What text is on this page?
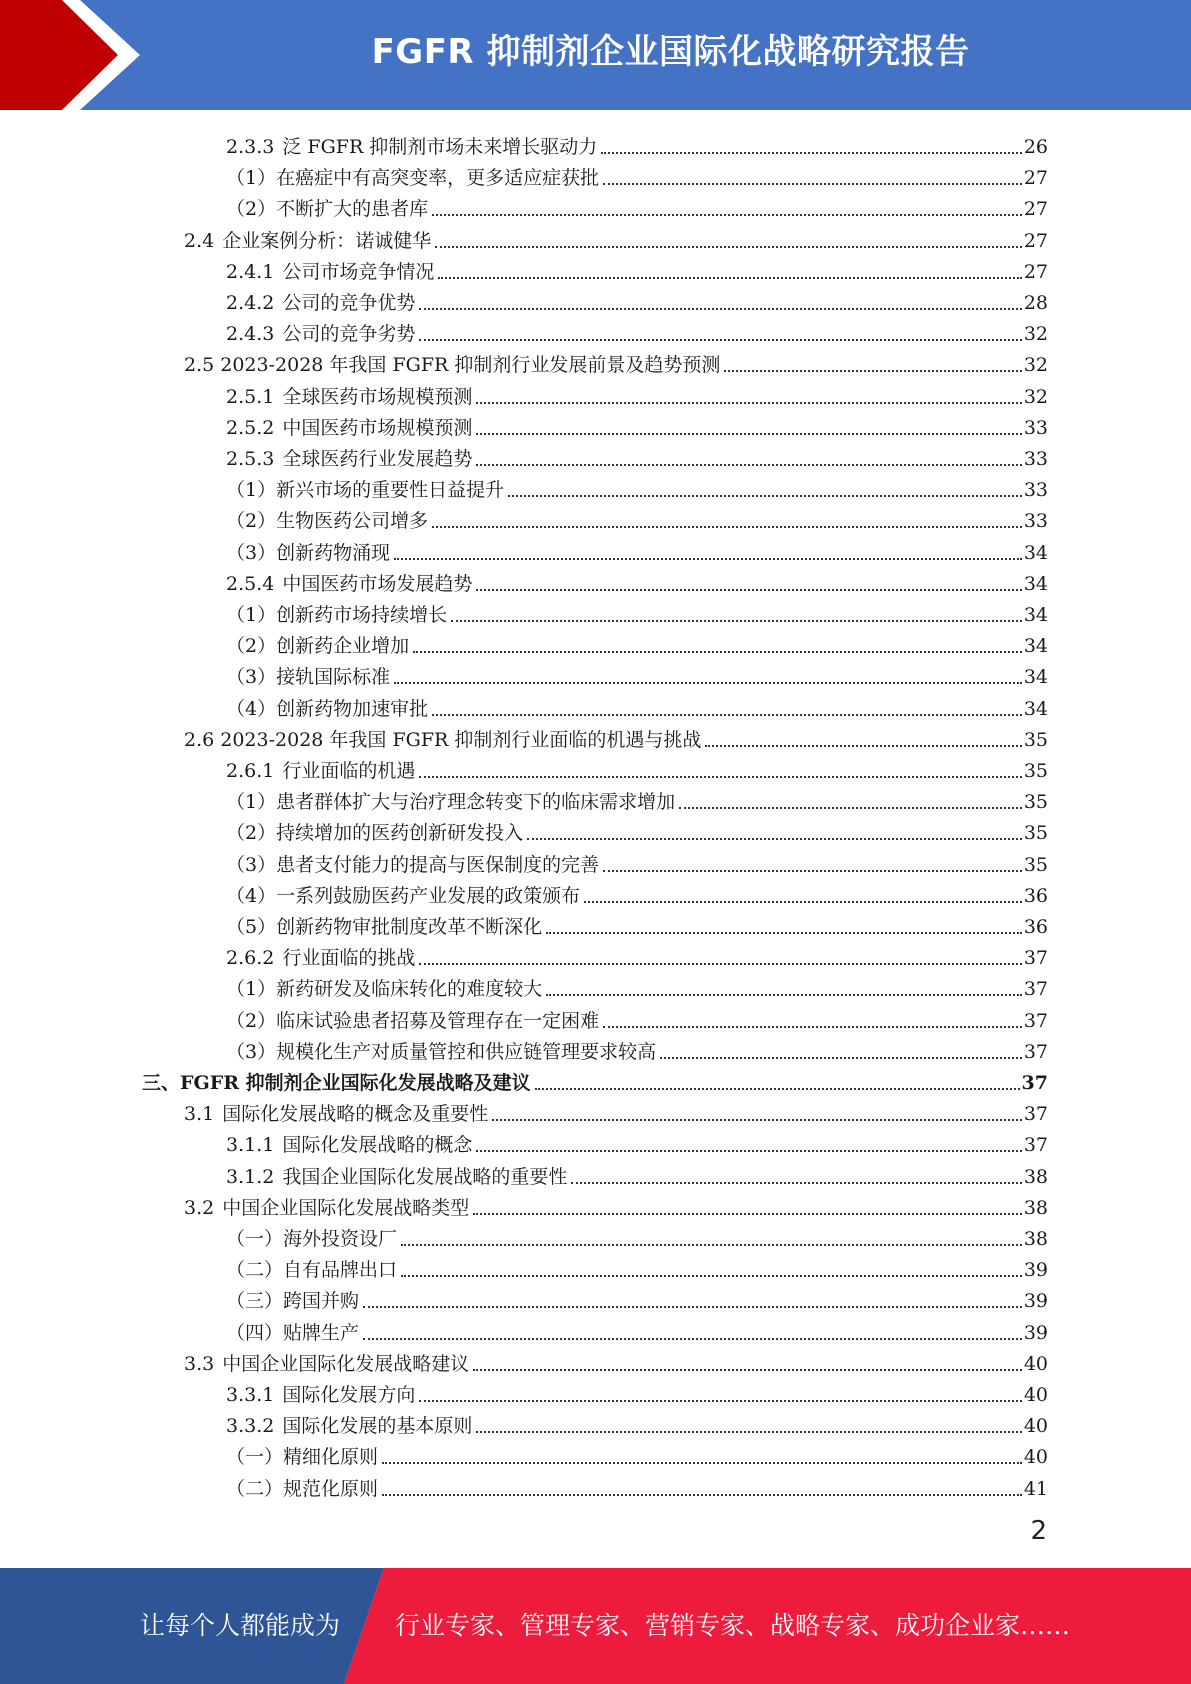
FGFR 抑制剂企业国际化战略研究报告
2.3.3 泛 FGFR 抑制剂市场未来增长驱动力	26
（1）在癌症中有高突变率，更多适应症获批	27
（2）不断扩大的患者库	27
2.4 企业案例分析：诺诚健华	27
2.4.1 公司市场竞争情况	27
2.4.2 公司的竞争优势	28
2.4.3 公司的竞争劣势	32
2.5 2023-2028 年我国 FGFR 抑制剂行业发展前景及趋势预测	32
2.5.1 全球医药市场规模预测	32
2.5.2 中国医药市场规模预测	33
2.5.3 全球医药行业发展趋势	33
（1）新兴市场的重要性日益提升	33
（2）生物医药公司增多	33
（3）创新药物涌现	34
2.5.4 中国医药市场发展趋势	34
（1）创新药市场持续增长	34
（2）创新药企业增加	34
（3）接轨国际标准	34
（4）创新药物加速审批	34
2.6 2023-2028 年我国 FGFR 抑制剂行业面临的机遇与挑战	35
2.6.1 行业面临的机遇	35
（1）患者群体扩大与治疗理念转变下的临床需求增加	35
（2）持续增加的医药创新研发投入	35
（3）患者支付能力的提高与医保制度的完善	35
（4）一系列鼓励医药产业发展的政策颁布	36
（5）创新药物审批制度改革不断深化	36
2.6.2 行业面临的挑战	37
（1）新药研发及临床转化的难度较大	37
（2）临床试验患者招募及管理存在一定困难	37
（3）规模化生产对质量管控和供应链管理要求较高	37
三、FGFR 抑制剂企业国际化发展战略及建议	37
3.1 国际化发展战略的概念及重要性	37
3.1.1 国际化发展战略的概念	37
3.1.2 我国企业国际化发展战略的重要性	38
3.2 中国企业国际化发展战略类型	38
（一）海外投资设厂	38
（二）自有品牌出口	39
（三）跨国并购	39
（四）贴牌生产	39
3.3 中国企业国际化发展战略建议	40
3.3.1 国际化发展方向	40
3.3.2 国际化发展的基本原则	40
（一）精细化原则	40
（二）规范化原则	41
2
让每个人都能成为	行业专家、管理专家、营销专家、战略专家、成功企业家……
